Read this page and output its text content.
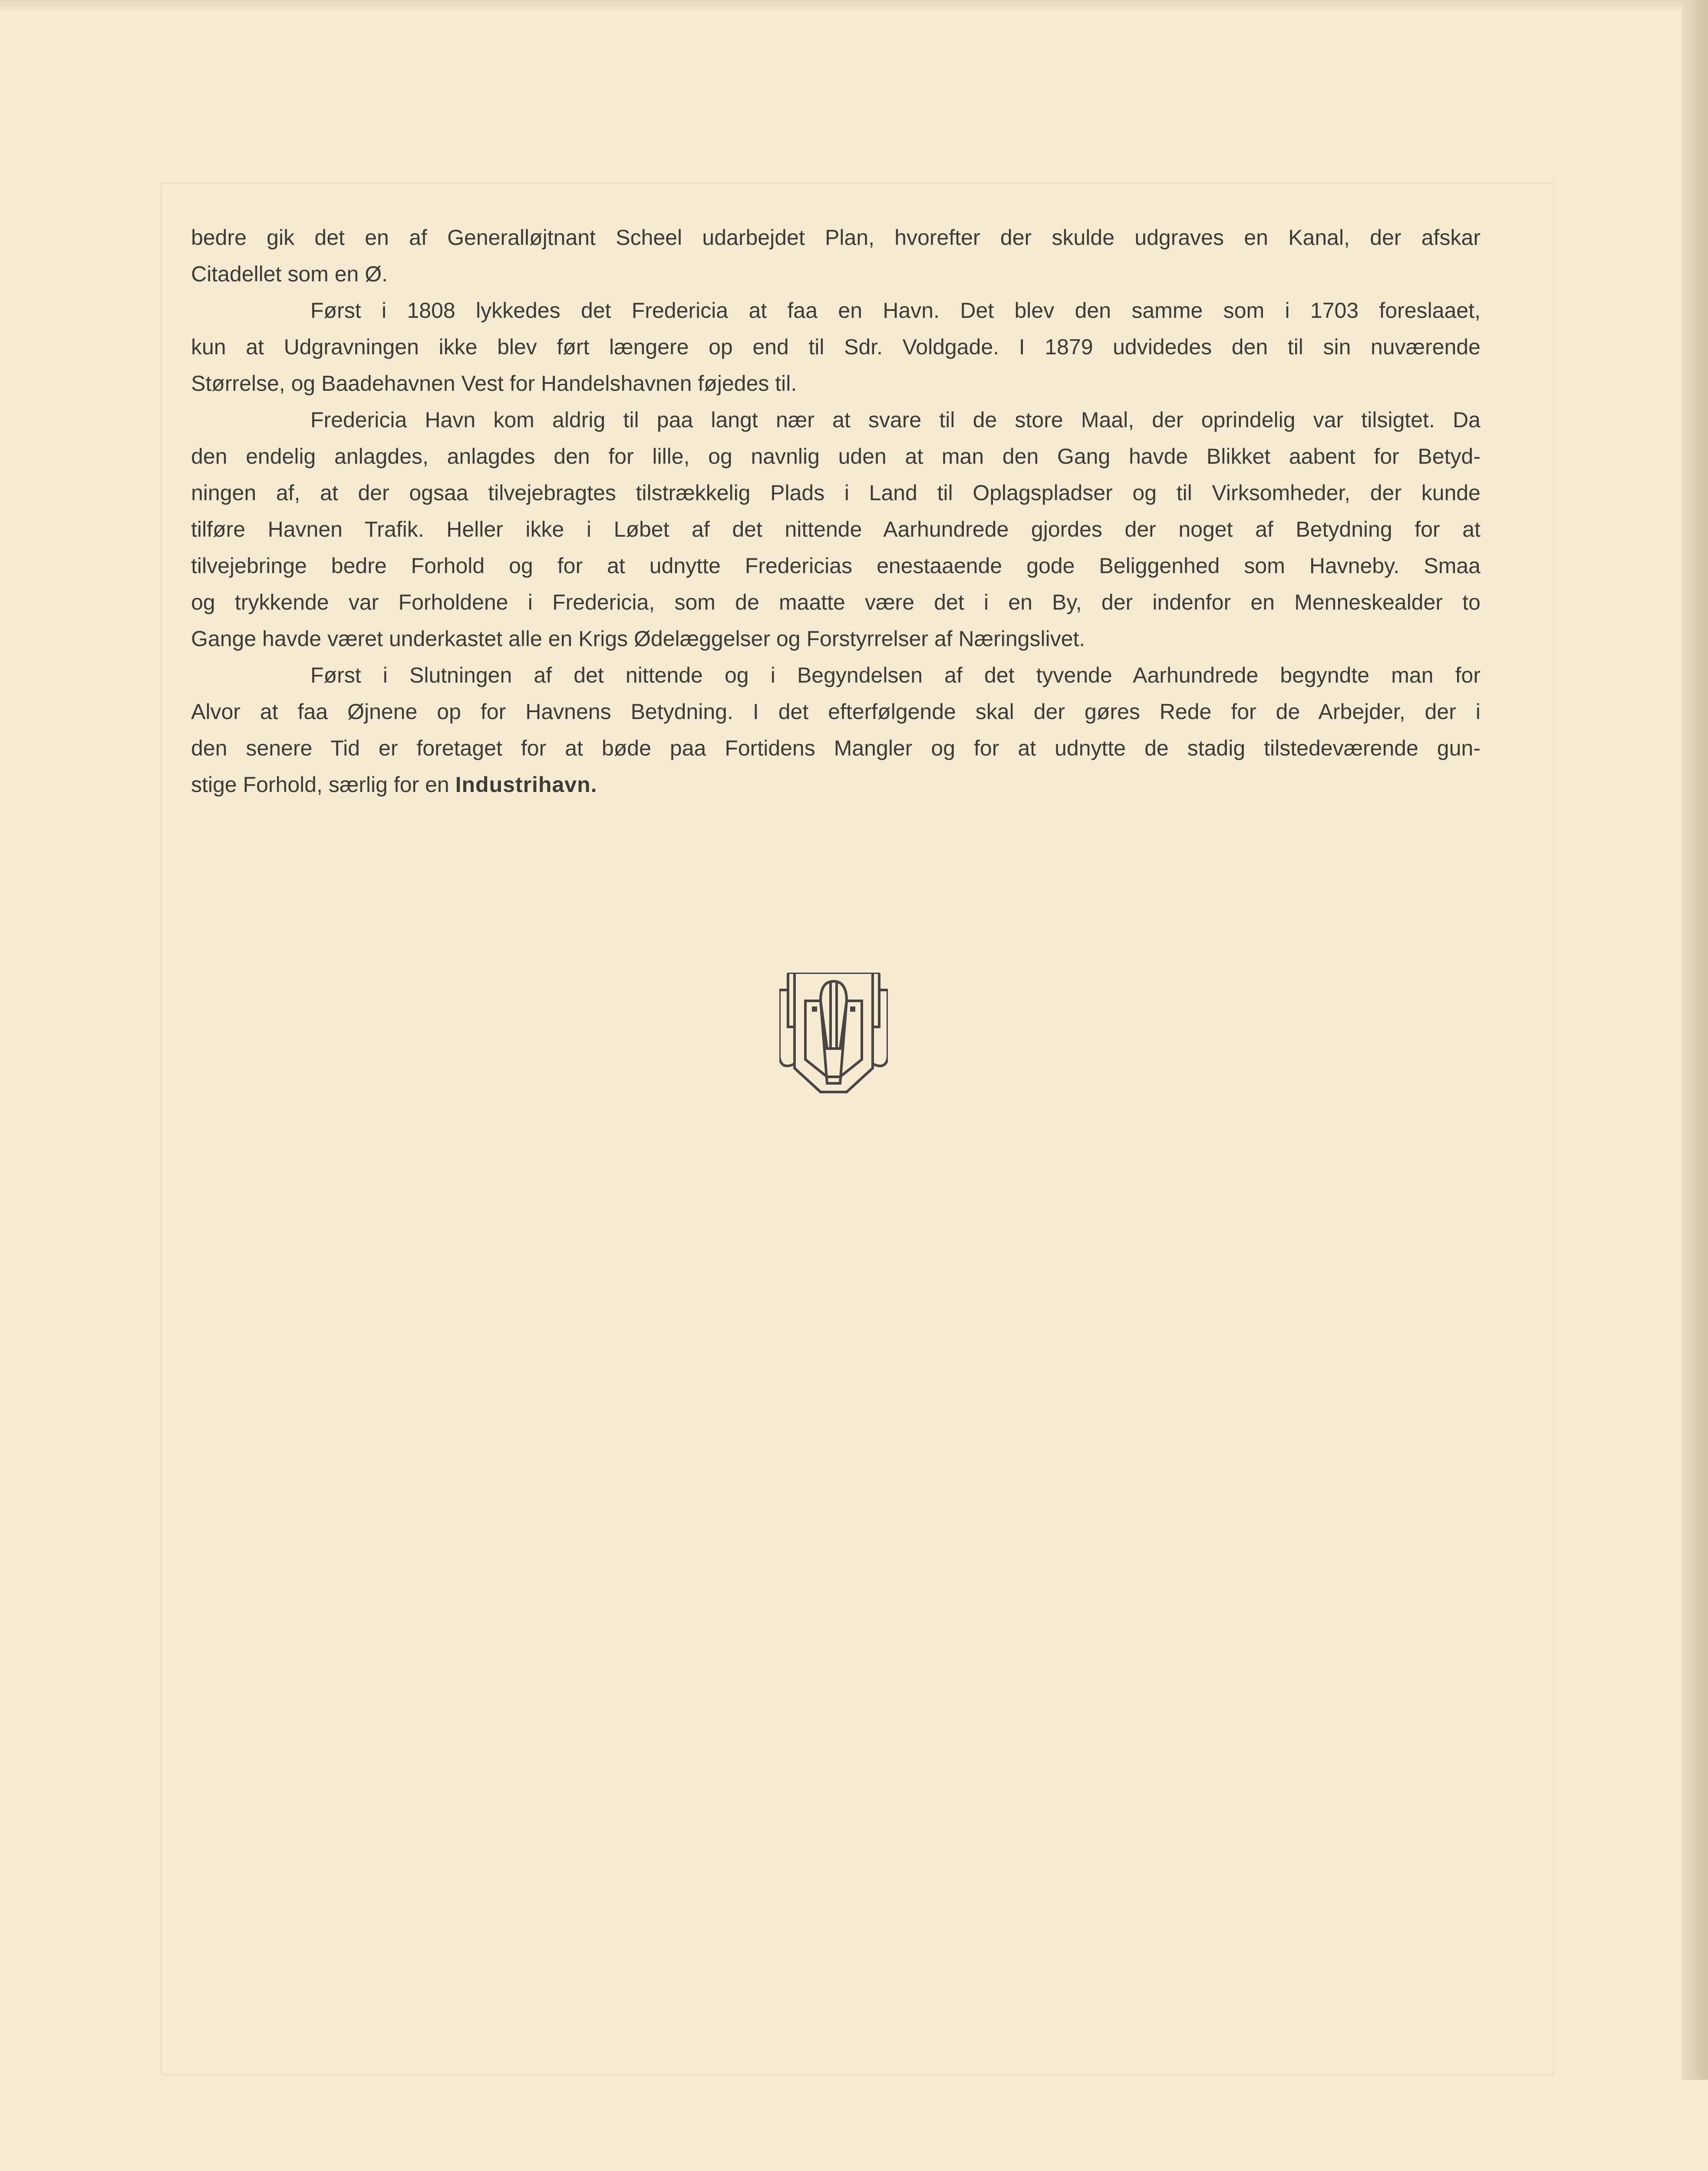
bedre gik det en af Generalløjtnant Scheel udarbejdet Plan, hvorefter der skulde udgraves en Kanal, der afskar
Citadellet som en Ø.
Først i 1808 lykkedes det Fredericia at faa en Havn. Det blev den samme som i 1703 foreslaaet,
kun at Udgravningen ikke blev ført længere op end til Sdr. Voldgade. I 1879 udvidedes den til sin nuværende
Størrelse, og Baadehavnen Vest for Handelshavnen føjedes til.
Fredericia Havn kom aldrig til paa langt nær at svare til de store Maal, der oprindelig var tilsigtet. Da
den endelig anlagdes, anlagdes den for lille, og navnlig uden at man den Gang havde Blikket aabent for Betyd-
ningen af, at der ogsaa tilvejebragtes tilstrækkelig Plads i Land til Oplagspladser og til Virksomheder, der kunde
tilføre Havnen Trafik. Heller ikke i Løbet af det nittende Aarhundrede gjordes der noget af Betydning for at
tilvejebringe bedre Forhold og for at udnytte Fredericias enestaaende gode Beliggenhed som Havneby. Smaa
og trykkende var Forholdene i Fredericia, som de maatte være det i en By, der indenfor en Menneskealder to
Gange havde været underkastet alle en Krigs Ødelæggelser og Forstyrrelser af Næringslivet.
Først i Slutningen af det nittende og i Begyndelsen af det tyvende Aarhundrede begyndte man for
Alvor at faa Øjnene op for Havnens Betydning. I det efterfølgende skal der gøres Rede for de Arbejder, der i
den senere Tid er foretaget for at bøde paa Fortidens Mangler og for at udnytte de stadig tilstedeværende gun-
stige Forhold, særlig for en Industrihavn.
